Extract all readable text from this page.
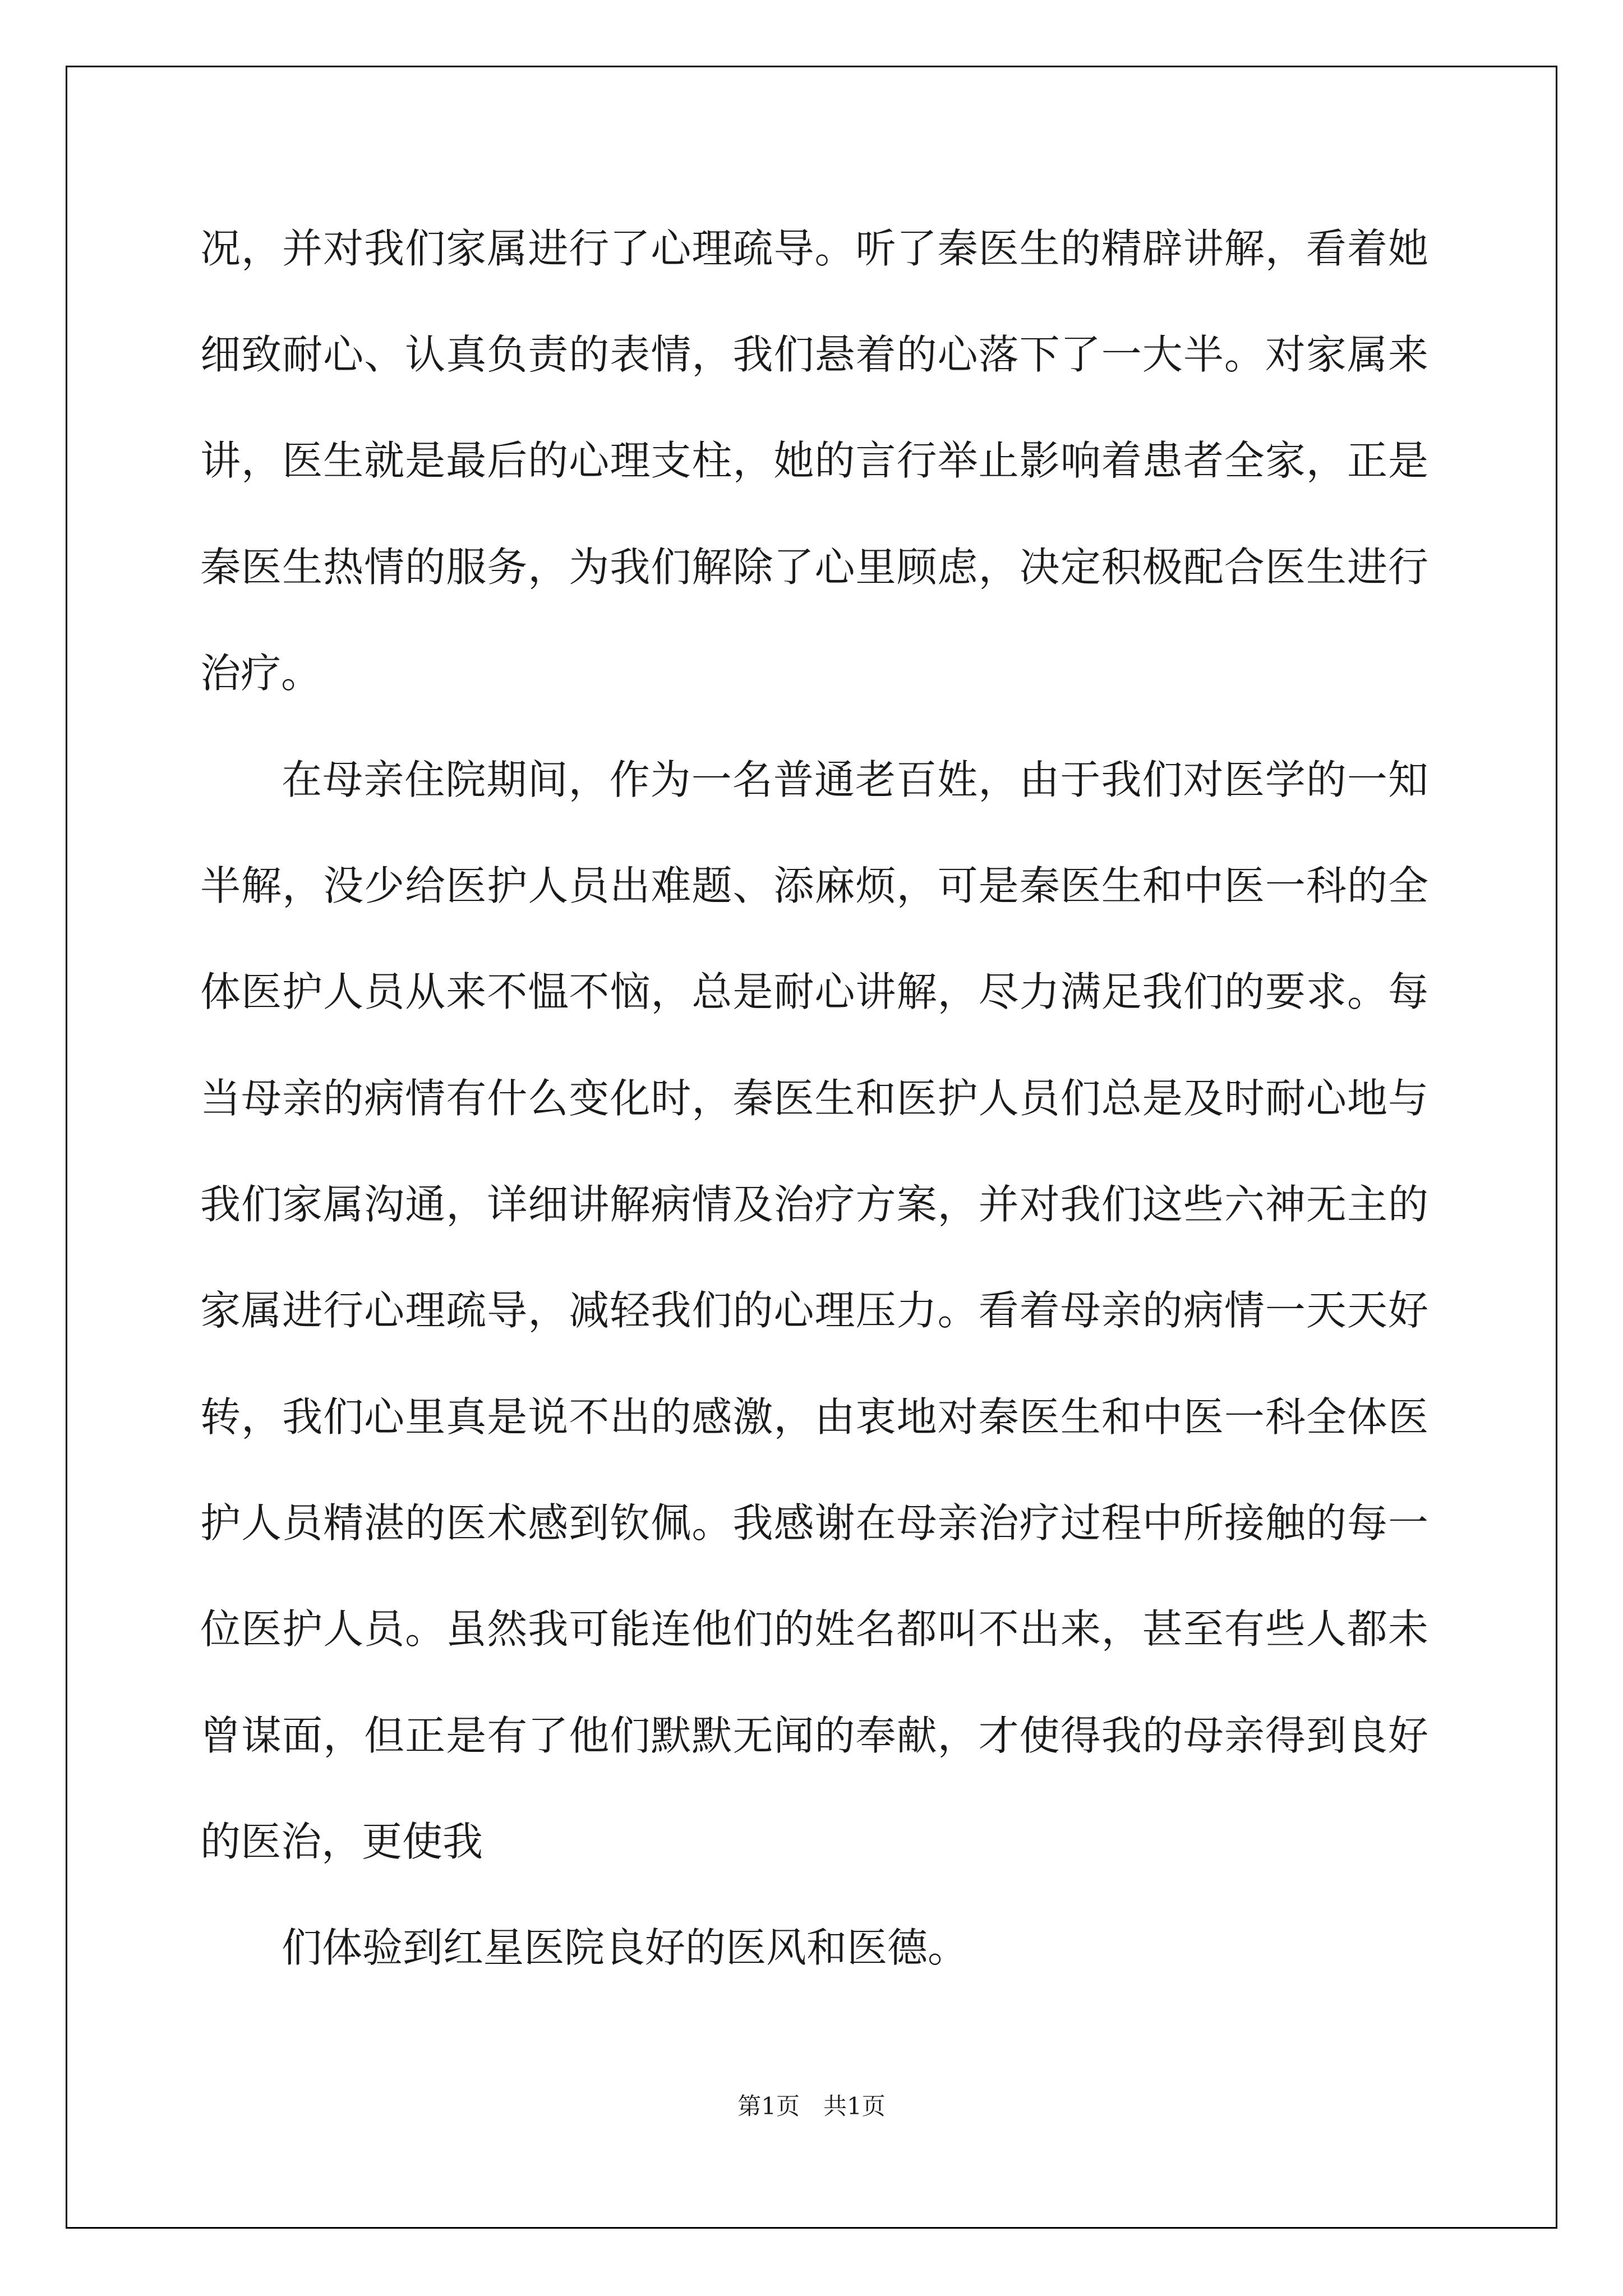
况，并对我们家属进行了心理疏导。听了秦医生的精辟讲解，看着她
细致耐心、认真负责的表情，我们悬着的心落下了一大半。对家属来
讲，医生就是最后的心理支柱，她的言行举止影响着患者全家，正是
秦医生热情的服务，为我们解除了心里顾虑，决定积极配合医生进行
治疗。
在母亲住院期间，作为一名普通老百姓，由于我们对医学的一知
半解，没少给医护人员出难题、添麻烦，可是秦医生和中医一科的全
体医护人员从来不愠不恼，总是耐心讲解，尽力满足我们的要求。每
当母亲的病情有什么变化时，秦医生和医护人员们总是及时耐心地与
我们家属沟通，详细讲解病情及治疗方案，并对我们这些六神无主的
家属进行心理疏导，减轻我们的心理压力。看着母亲的病情一天天好
转，我们心里真是说不出的感激，由衷地对秦医生和中医一科全体医
护人员精湛的医术感到钦佩。我感谢在母亲治疗过程中所接触的每一
位医护人员。虽然我可能连他们的姓名都叫不出来，甚至有些人都未
曾谋面，但正是有了他们默默无闻的奉献，才使得我的母亲得到良好
的医治，更使我
们体验到红星医院良好的医风和医德。
第1页　共1页
